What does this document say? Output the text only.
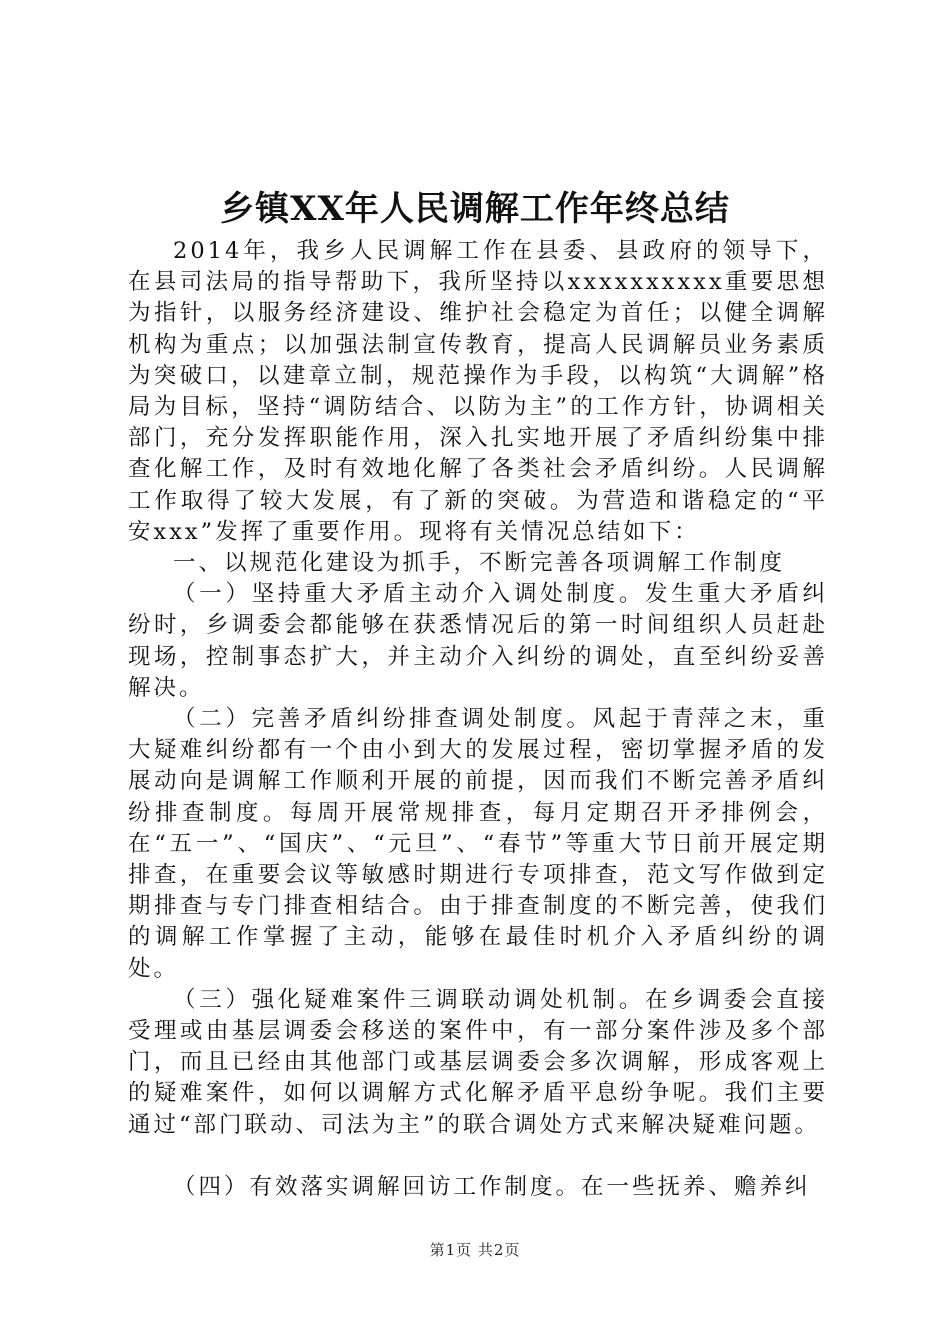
乡镇XX年人民调解工作年终总结

2014年，我乡人民调解工作在县委、县政府的领导下，在县司法局的指导帮助下，我所坚持以xxxxxxxxxx重要思想为指针，以服务经济建设、维护社会稳定为首任；以健全调解机构为重点；以加强法制宣传教育，提高人民调解员业务素质为突破口，以建章立制，规范操作为手段，以构筑“大调解”格局为目标，坚持“调防结合、以防为主”的工作方针，协调相关部门，充分发挥职能作用，深入扎实地开展了矛盾纠纷集中排查化解工作，及时有效地化解了各类社会矛盾纠纷。人民调解工作取得了较大发展，有了新的突破。为营造和谐稳定的“平安xxx”发挥了重要作用。现将有关情况总结如下：

一、以规范化建设为抓手，不断完善各项调解工作制度

（一）坚持重大矛盾主动介入调处制度。发生重大矛盾纠纷时，乡调委会都能够在获悉情况后的第一时间组织人员赶赴现场，控制事态扩大，并主动介入纠纷的调处，直至纠纷妥善解决。

（二）完善矛盾纠纷排查调处制度。风起于青萍之末，重大疑难纠纷都有一个由小到大的发展过程，密切掌握矛盾的发展动向是调解工作顺利开展的前提，因而我们不断完善矛盾纠纷排查制度。每周开展常规排查，每月定期召开矛排例会，在“五一”、“国庆”、“元旦”、“春节”等重大节日前开展定期排查，在重要会议等敏感时期进行专项排查，范文写作做到定期排查与专门排查相结合。由于排查制度的不断完善，使我们的调解工作掌握了主动，能够在最佳时机介入矛盾纠纷的调处。

（三）强化疑难案件三调联动调处机制。在乡调委会直接受理或由基层调委会移送的案件中，有一部分案件涉及多个部门，而且已经由其他部门或基层调委会多次调解，形成客观上的疑难案件，如何以调解方式化解矛盾平息纷争呢。我们主要通过“部门联动、司法为主”的联合调处方式来解决疑难问题。

（四）有效落实调解回访工作制度。在一些抚养、赡养纠

第1页 共2页
